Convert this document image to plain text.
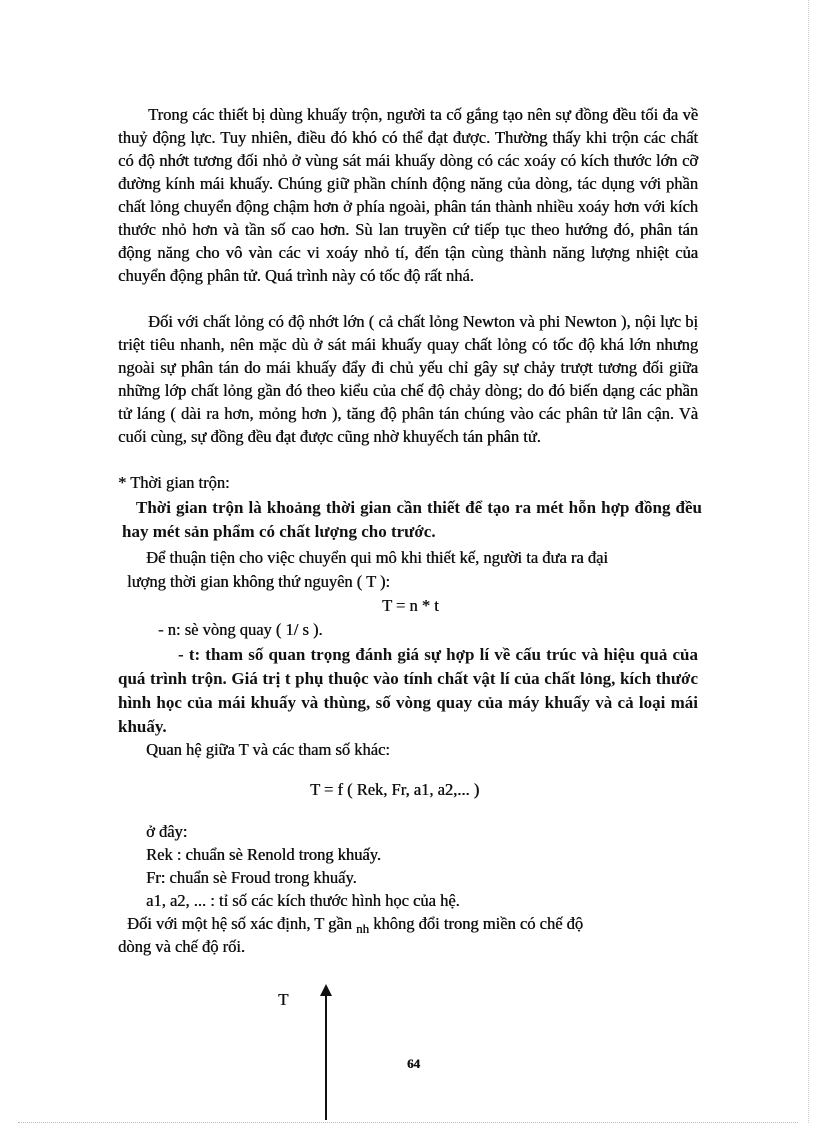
Trong các thiết bị dùng khuấy trộn, người ta cố gắng tạo nên sự đồng đều tối đa về thuỷ động lực. Tuy nhiên, điều đó khó có thể đạt được. Thường thấy khi trộn các chất có độ nhớt tương đối nhỏ ở vùng sát mái khuấy dòng có các xoáy có kích thước lớn cỡ đường kính mái khuấy. Chúng giữ phần chính động năng của dòng, tác dụng với phần chất lỏng chuyển động chậm hơn ở phía ngoài, phân tán thành nhiều xoáy hơn với kích thước nhỏ hơn và tần số cao hơn. Sù lan truyền cứ tiếp tục theo hướng đó, phân tán động năng cho vô vàn các vi xoáy nhỏ tí, đến tận cùng thành năng lượng nhiệt của chuyển động phân tử. Quá trình này có tốc độ rất nhá.
Đối với chất lỏng có độ nhớt lớn ( cả chất lỏng Newton và phi Newton ), nội lực bị triệt tiêu nhanh, nên mặc dù ở sát mái khuấy quay chất lỏng có tốc độ khá lớn nhưng ngoài sự phân tán do mái khuấy đẩy đi chủ yếu chỉ gây sự chảy trượt tương đối giữa những lớp chất lỏng gần đó theo kiểu của chế độ chảy dòng; do đó biến dạng các phần tử láng ( dài ra hơn, mỏng hơn ), tăng độ phân tán chúng vào các phân tử lân cận. Và cuối cùng, sự đồng đều đạt được cũng nhờ khuyếch tán phân tử.
* Thời gian trộn:
Thời gian trộn là khoảng thời gian cần thiết để tạo ra mét hỗn hợp đồng đều hay mét sản phẩm có chất lượng cho trước.
Để thuận tiện cho việc chuyển qui mô khi thiết kế, người ta đưa ra đại
lượng thời gian không thứ nguyên ( T ):
T = n * t
- n: sè vòng quay ( 1/ s ).
- t: tham số quan trọng đánh giá sự hợp lí về cấu trúc và hiệu quả của quá trình trộn. Giá trị t phụ thuộc vào tính chất vật lí của chất lỏng, kích thước hình học của mái khuấy và thùng, số vòng quay của máy khuấy và cả loại mái khuấy.
Quan hệ giữa T và các tham số khác:
T = f ( Rek, Fr, a1, a2,... )
ở đây:
Rek : chuẩn sè Renold trong khuấy.
Fr: chuẩn sè Froud trong khuấy.
a1, a2, ... : tỉ số các kích thước hình học của hệ.
Đối với một hệ số xác định, T gần $_{nh}$ không đổi trong miền có chế độ
dòng và chế độ rối.
T
64
